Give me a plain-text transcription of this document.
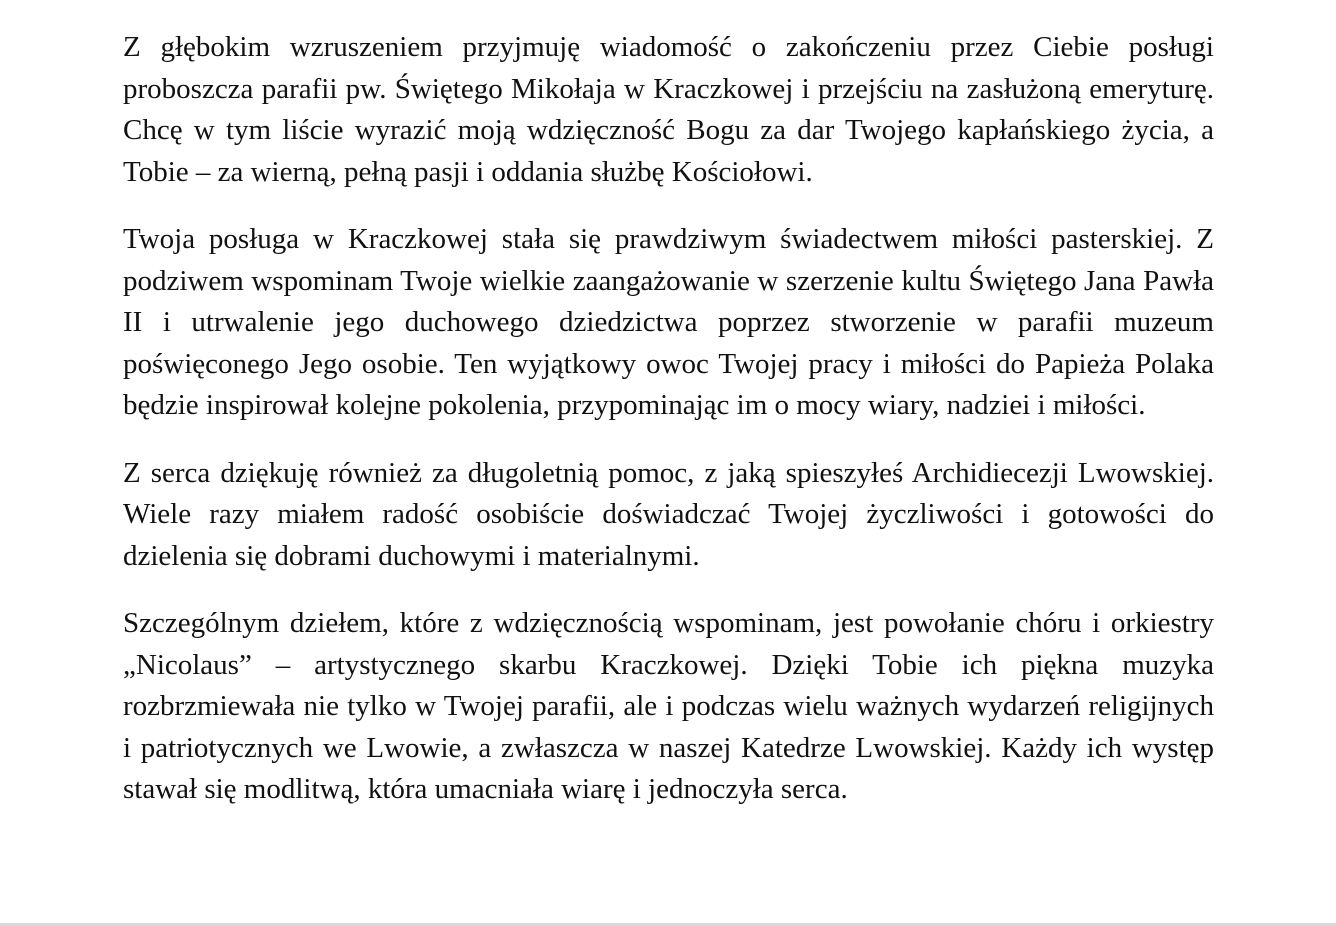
Z głębokim wzruszeniem przyjmuję wiadomość o zakończeniu przez Ciebie posługi proboszcza parafii pw. Świętego Mikołaja w Kraczkowej i przejściu na zasłużoną emeryturę. Chcę w tym liście wyrazić moją wdzięczność Bogu za dar Twojego kapłańskiego życia, a Tobie – za wierną, pełną pasji i oddania służbę Kościołowi.

Twoja posługa w Kraczkowej stała się prawdziwym świadectwem miłości pasterskiej. Z podziwem wspominam Twoje wielkie zaangażowanie w szerzenie kultu Świętego Jana Pawła II i utrwalenie jego duchowego dziedzictwa poprzez stworzenie w parafii muzeum poświęconego Jego osobie. Ten wyjątkowy owoc Twojej pracy i miłości do Papieża Polaka będzie inspirował kolejne pokolenia, przypominając im o mocy wiary, nadziei i miłości.

Z serca dziękuję również za długoletnią pomoc, z jaką spieszyłeś Archidiecezji Lwowskiej. Wiele razy miałem radość osobiście doświadczać Twojej życzliwości i gotowości do dzielenia się dobrami duchowymi i materialnymi.

Szczególnym dziełem, które z wdzięcznością wspominam, jest powołanie chóru i orkiestry „Nicolaus” – artystycznego skarbu Kraczkowej. Dzięki Tobie ich piękna muzyka rozbrzmiewała nie tylko w Twojej parafii, ale i podczas wielu ważnych wydarzeń religijnych i patriotycznych we Lwowie, a zwłaszcza w naszej Katedrze Lwowskiej. Każdy ich występ stawał się modlitwą, która umacniała wiarę i jednoczyła serca.
